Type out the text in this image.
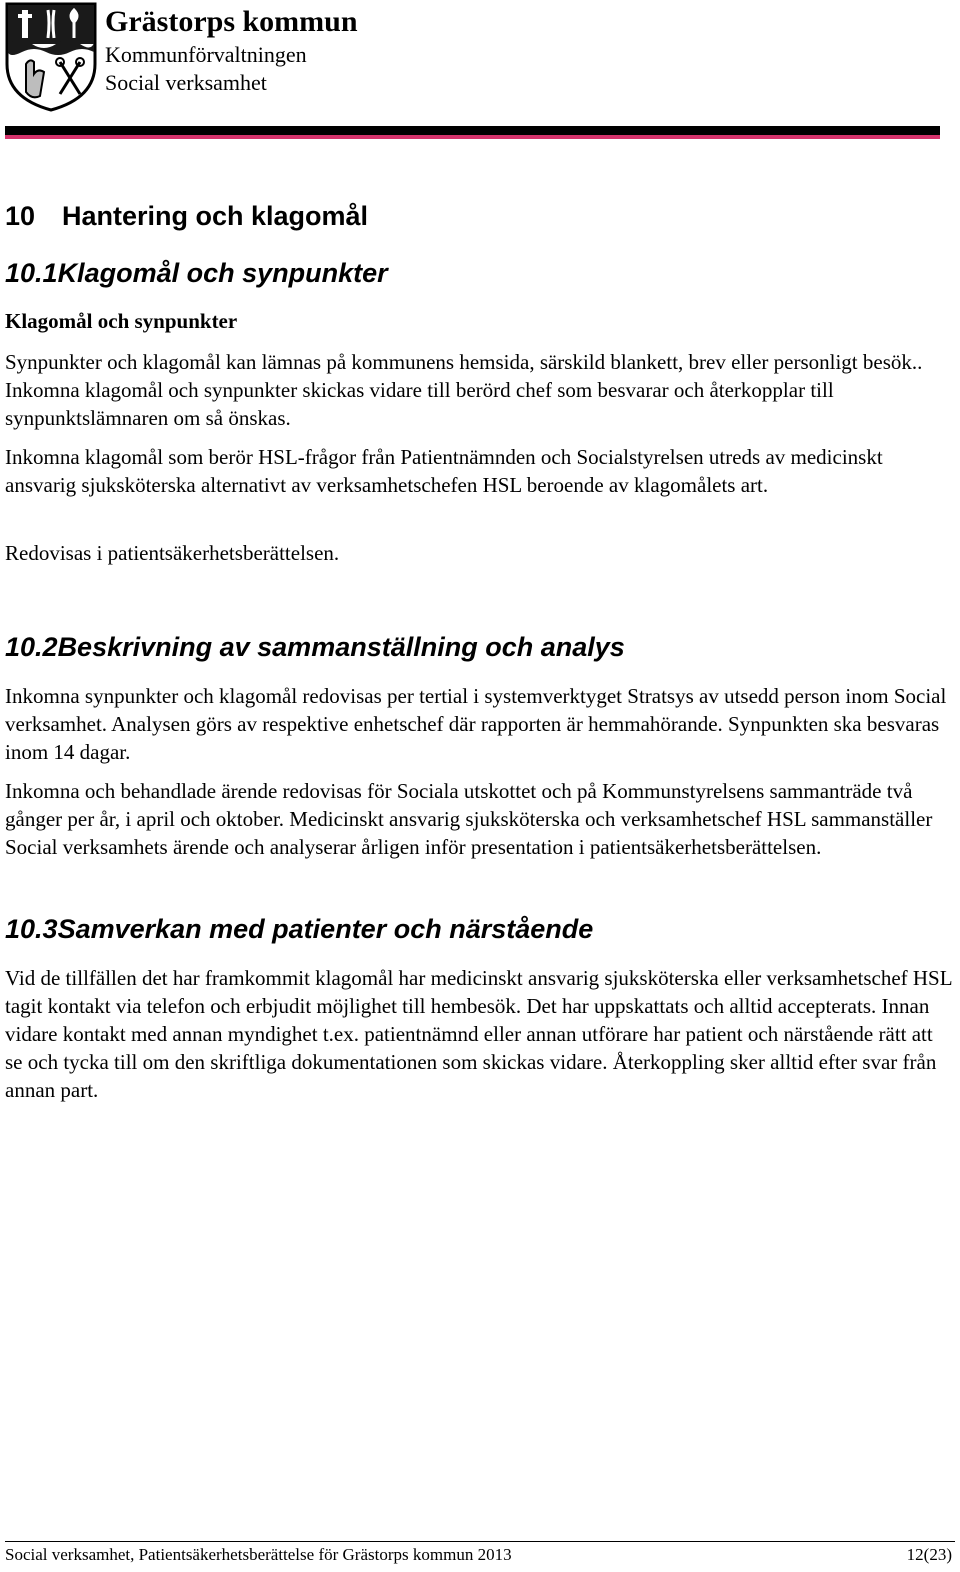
Grästorps kommun
Kommunförvaltningen
Social verksamhet
10 Hantering och klagomål
10.1Klagomål och synpunkter
Klagomål och synpunkter

Synpunkter och klagomål kan lämnas på kommunens hemsida, särskild blankett, brev eller personligt besök.. Inkomna klagomål och synpunkter skickas vidare till berörd chef som besvarar och återkopplar till synpunktslämnaren om så önskas.

Inkomna klagomål som berör HSL-frågor från Patientnämnden och Socialstyrelsen utreds av medicinskt ansvarig sjuksköterska alternativt av verksamhetschefen HSL beroende av klagomålets art.

Redovisas i patientsäkerhetsberättelsen.

10.2Beskrivning av sammanställning och analys

Inkomna synpunkter och klagomål redovisas per tertial i systemverktyget Stratsys av utsedd person inom Social verksamhet. Analysen görs av respektive enhetschef där rapporten är hemmahörande. Synpunkten ska besvaras inom 14 dagar.

Inkomna och behandlade ärende redovisas för Sociala utskottet och på Kommunstyrelsens sammanträde två gånger per år, i april och oktober. Medicinskt ansvarig sjuksköterska och verksamhetschef HSL sammanställer Social verksamhets ärende och analyserar årligen inför presentation i patientsäkerhetsberättelsen.

10.3Samverkan med patienter och närstående

Vid de tillfällen det har framkommit klagomål har medicinskt ansvarig sjuksköterska eller verksamhetschef HSL tagit kontakt via telefon och erbjudit möjlighet till hembesök. Det har uppskattats och alltid accepterats. Innan vidare kontakt med annan myndighet t.ex. patientnämnd eller annan utförare har patient och närstående rätt att se och tycka till om den skriftliga dokumentationen som skickas vidare. Återkoppling sker alltid efter svar från annan part.

Social verksamhet, Patientsäkerhetsberättelse för Grästorps kommun 2013	12(23)
